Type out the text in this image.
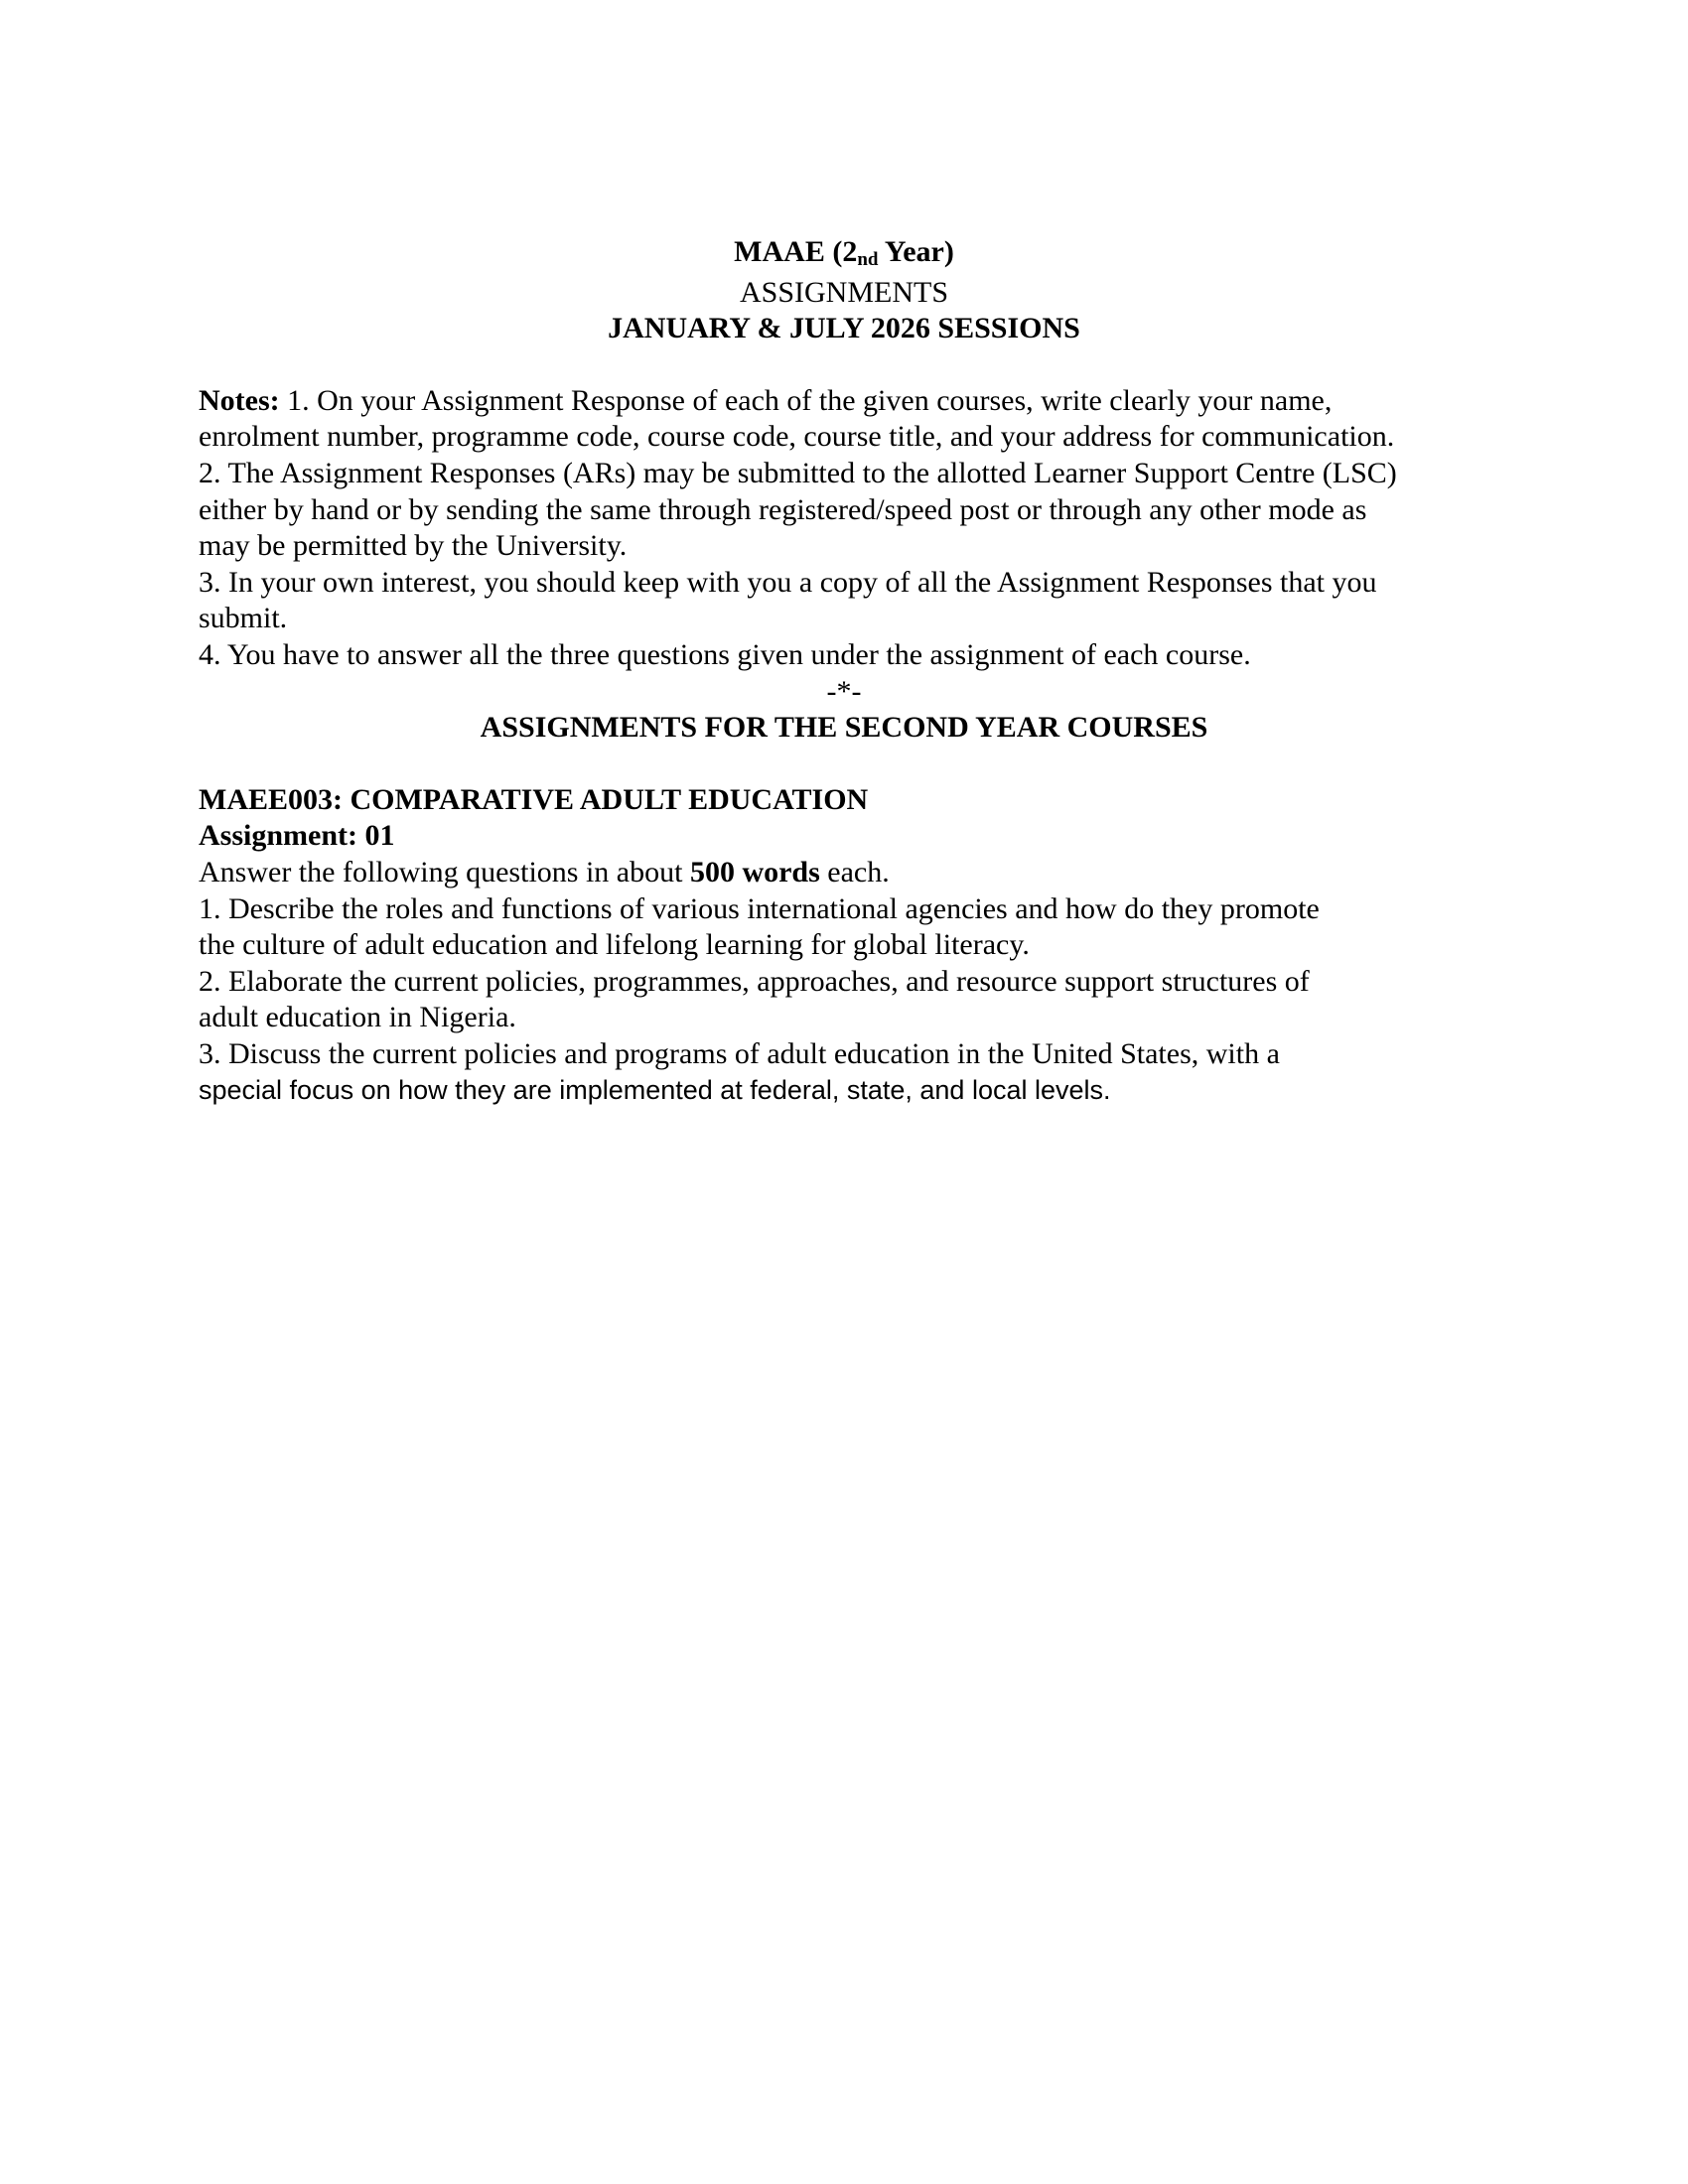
MAAE (2nd Year)
ASSIGNMENTS
JANUARY & JULY 2026 SESSIONS
Notes: 1. On your Assignment Response of each of the given courses, write clearly your name,
enrolment number, programme code, course code, course title, and your address for communication.
2. The Assignment Responses (ARs) may be submitted to the allotted Learner Support Centre (LSC)
either by hand or by sending the same through registered/speed post or through any other mode as
may be permitted by the University.
3. In your own interest, you should keep with you a copy of all the Assignment Responses that you
submit.
4. You have to answer all the three questions given under the assignment of each course.
-*-
ASSIGNMENTS FOR THE SECOND YEAR COURSES
MAEE003: COMPARATIVE ADULT EDUCATION
Assignment: 01
Answer the following questions in about 500 words each.
1. Describe the roles and functions of various international agencies and how do they promote
the culture of adult education and lifelong learning for global literacy.
2. Elaborate the current policies, programmes, approaches, and resource support structures of
adult education in Nigeria.
3. Discuss the current policies and programs of adult education in the United States, with a
special focus on how they are implemented at federal, state, and local levels.
